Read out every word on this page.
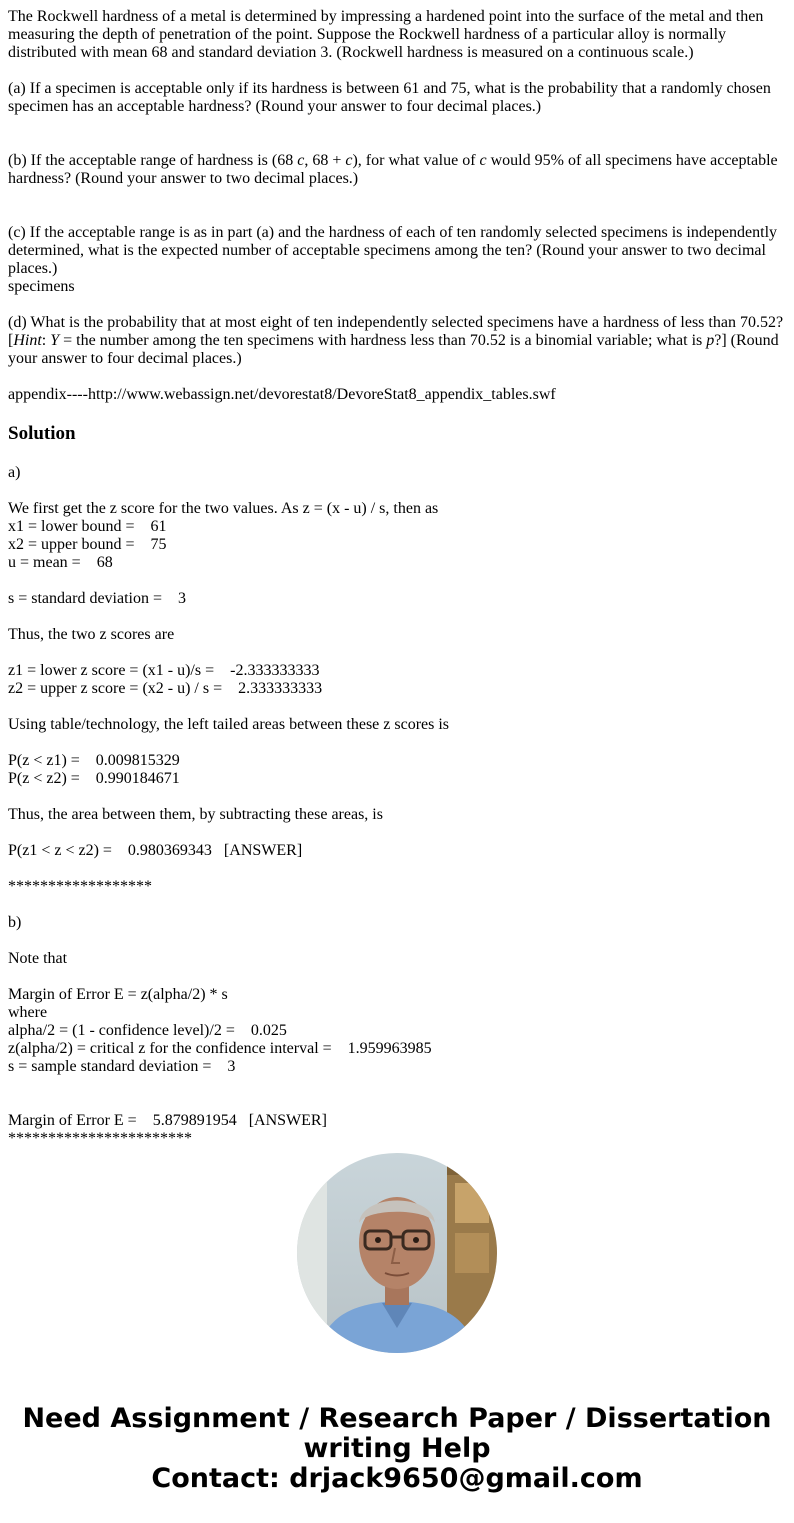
The Rockwell hardness of a metal is determined by impressing a hardened point into the surface of the metal and then measuring the depth of penetration of the point. Suppose the Rockwell hardness of a particular alloy is normally distributed with mean 68 and standard deviation 3. (Rockwell hardness is measured on a continuous scale.)

(a) If a specimen is acceptable only if its hardness is between 61 and 75, what is the probability that a randomly chosen specimen has an acceptable hardness? (Round your answer to four decimal places.)

(b) If the acceptable range of hardness is (68 c, 68 + c), for what value of c would 95% of all specimens have acceptable hardness? (Round your answer to two decimal places.)

(c) If the acceptable range is as in part (a) and the hardness of each of ten randomly selected specimens is independently determined, what is the expected number of acceptable specimens among the ten? (Round your answer to two decimal places.)

specimens

(d) What is the probability that at most eight of ten independently selected specimens have a hardness of less than 70.52? [Hint: Y = the number among the ten specimens with hardness less than 70.52 is a binomial variable; what is p?] (Round your answer to four decimal places.)

appendix----http://www.webassign.net/devorestat8/DevoreStat8_appendix_tables.swf

Solution

a)

We first get the z score for the two values. As z = (x - u) / s, then as

x1 = lower bound =    61

x2 = upper bound =    75

u = mean =    68

s = standard deviation =    3

Thus, the two z scores are

z1 = lower z score = (x1 - u)/s =    -2.333333333

z2 = upper z score = (x2 - u) / s =    2.333333333

Using table/technology, the left tailed areas between these z scores is

P(z < z1) =    0.009815329

P(z < z2) =    0.990184671

Thus, the area between them, by subtracting these areas, is

P(z1 < z < z2) =    0.980369343   [ANSWER]

******************

b)

Note that

Margin of Error E = z(alpha/2) * s

where

alpha/2 = (1 - confidence level)/2 =    0.025

z(alpha/2) = critical z for the confidence interval =    1.959963985

s = sample standard deviation =    3

Margin of Error E =    5.879891954   [ANSWER]

***********************

Need Assignment / Research Paper / Dissertation
writing Help
Contact: drjack9650@gmail.com
